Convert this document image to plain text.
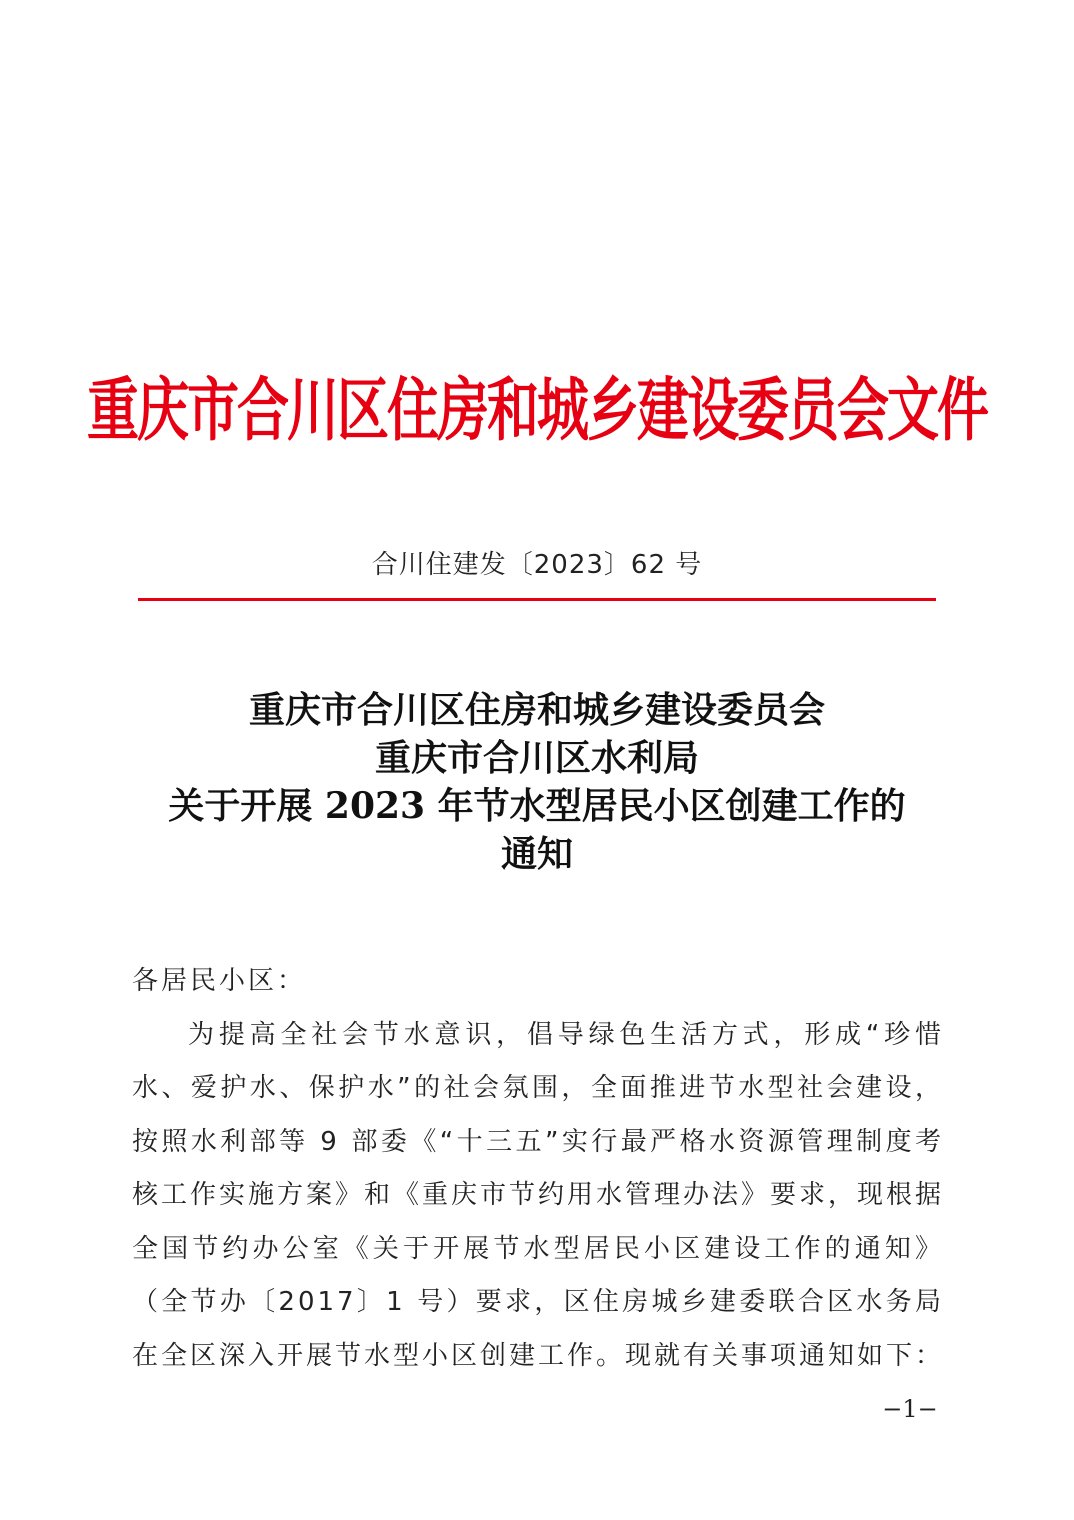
重庆市合川区住房和城乡建设委员会文件
合川住建发〔2023〕62 号
重庆市合川区住房和城乡建设委员会
重庆市合川区水利局
关于开展 2023 年节水型居民小区创建工作的
通知
各居民小区：
为提高全社会节水意识，倡导绿色生活方式，形成“珍惜水、爱护水、保护水”的社会氛围，全面推进节水型社会建设，按照水利部等 9 部委《“十三五”实行最严格水资源管理制度考核工作实施方案》和《重庆市节约用水管理办法》要求，现根据全国节约办公室《关于开展节水型居民小区建设工作的通知》（全节办〔2017〕1 号）要求，区住房城乡建委联合区水务局在全区深入开展节水型小区创建工作。现就有关事项通知如下：
−1−
